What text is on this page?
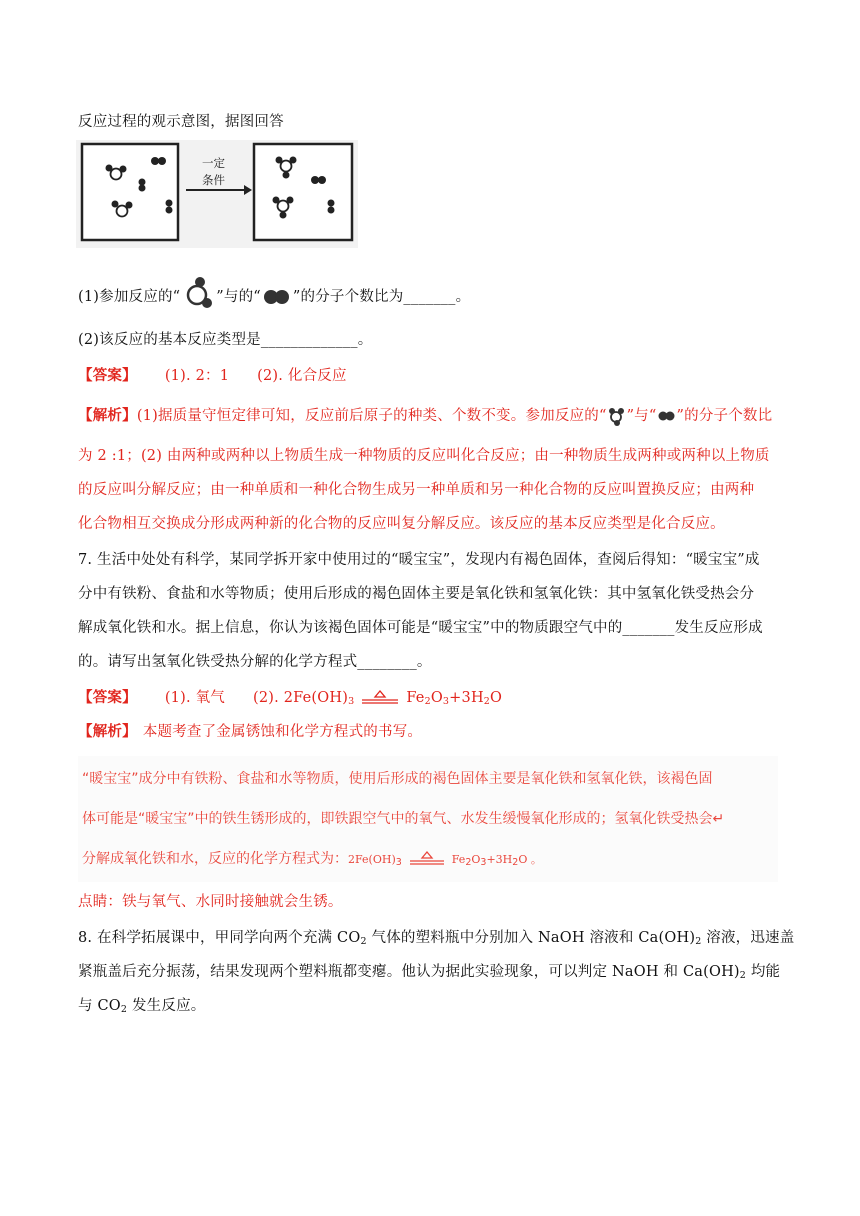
反应过程的观示意图，据图回答
一定
条件
(1)参加反应的“ ”与的“ ”的分子个数比为_______。
(2)该反应的基本反应类型是_____________。
【答案】 (1). 2：1 (2). 化合反应
【解析】(1)据质量守恒定律可知，反应前后原子的种类、个数不变。参加反应的“ ”与“ ”的分子个数比
为 2 :1；(2) 由两种或两种以上物质生成一种物质的反应叫化合反应；由一种物质生成两种或两种以上物质
的反应叫分解反应；由一种单质和一种化合物生成另一种单质和另一种化合物的反应叫置换反应；由两种
化合物相互交换成分形成两种新的化合物的反应叫复分解反应。该反应的基本反应类型是化合反应。
7. 生活中处处有科学，某同学拆开家中使用过的“暖宝宝”，发现内有褐色固体，查阅后得知：“暖宝宝”成
分中有铁粉、食盐和水等物质；使用后形成的褐色固体主要是氧化铁和氢氧化铁：其中氢氧化铁受热会分
解成氧化铁和水。据上信息，你认为该褐色固体可能是“暖宝宝”中的物质跟空气中的_______发生反应形成
的。请写出氢氧化铁受热分解的化学方程式________。
【答案】 (1). 氧气 (2). $2Fe(OH)_3$	$Fe_2O_3+3H_2O$
【解析】 本题考查了金属锈蚀和化学方程式的书写。
“暖宝宝”成分中有铁粉、食盐和水等物质，使用后形成的褐色固体主要是氧化铁和氢氧化铁，该褐色固
体可能是“暖宝宝”中的铁生锈形成的，即铁跟空气中的氧气、水发生缓慢氧化形成的；氢氧化铁受热会↵
分解成氧化铁和水，反应的化学方程式为：$2Fe(OH)_3$	$Fe_2O_3+3H_2O$ 。
点睛：铁与氧气、水同时接触就会生锈。
8. 在科学拓展课中，甲同学向两个充满 $CO_2$ 气体的塑料瓶中分别加入 NaOH 溶液和 $Ca(OH)_2$ 溶液，迅速盖
紧瓶盖后充分振荡，结果发现两个塑料瓶都变瘪。他认为据此实验现象，可以判定 NaOH 和 $Ca(OH)_2$ 均能
与 $CO_2$ 发生反应。
